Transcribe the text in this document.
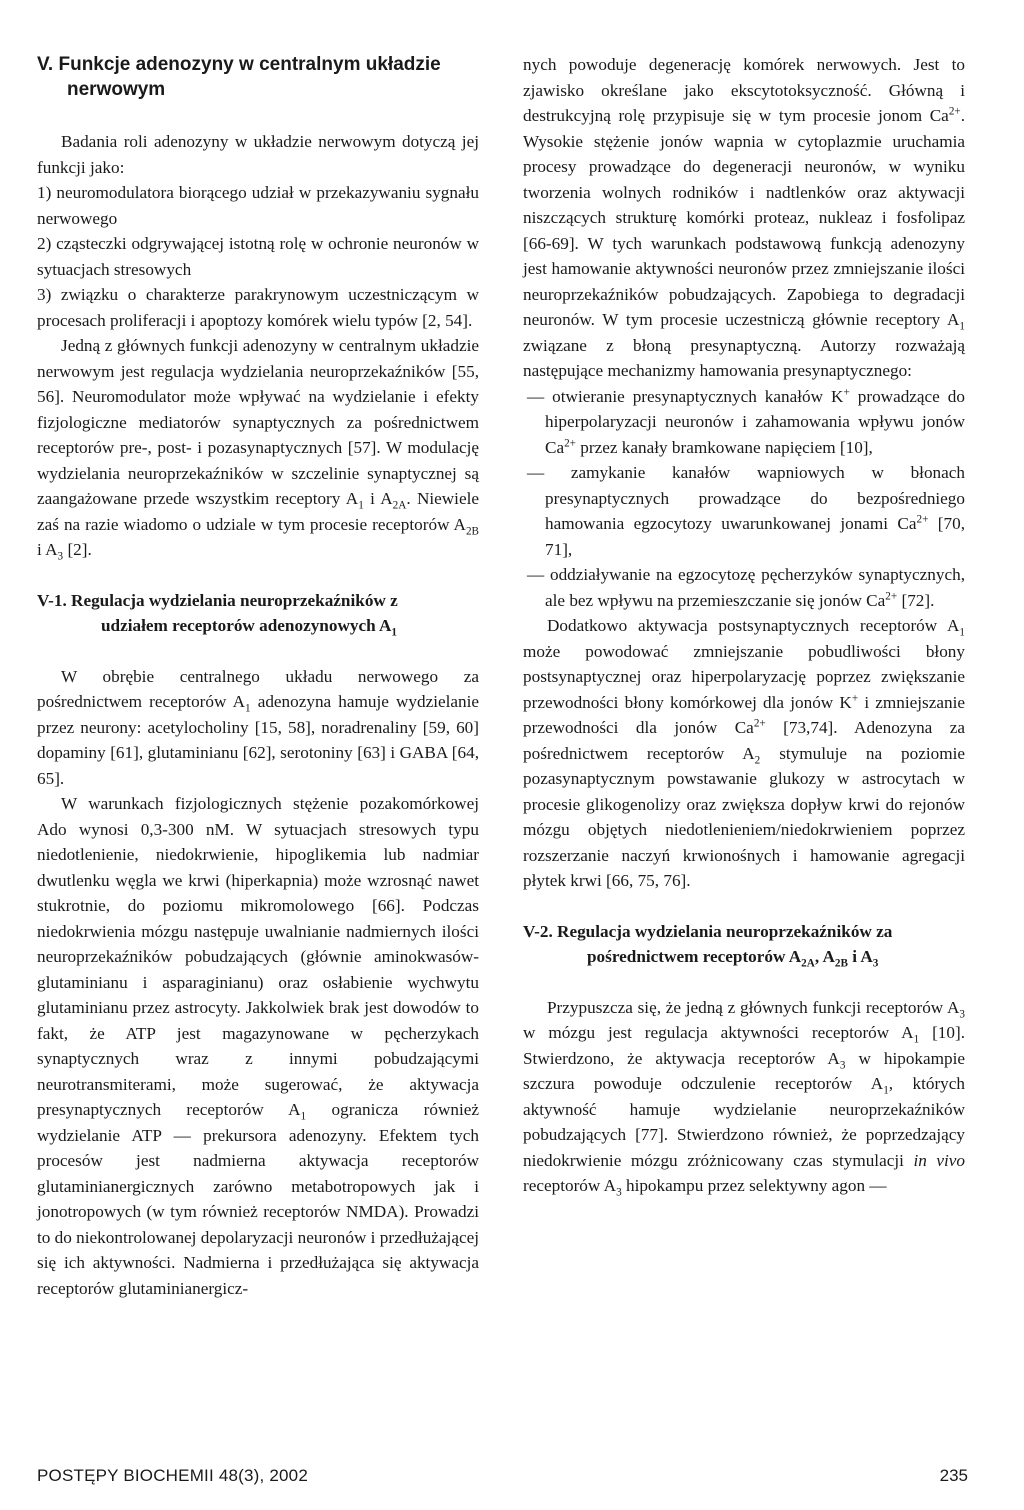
V. Funkcje adenozyny w centralnym układzie
nerwowym

Badania roli adenozyny w układzie nerwowym dotyczą jej funkcji jako:

1) neuromodulatora biorącego udział w przekazywaniu sygnału nerwowego

2) cząsteczki odgrywającej istotną rolę w ochronie neuronów w sytuacjach stresowych

3) związku o charakterze parakrynowym uczestniczącym w procesach proliferacji i apoptozy komórek wielu typów [2, 54].

Jedną z głównych funkcji adenozyny w centralnym układzie nerwowym jest regulacja wydzielania neuroprzekaźników [55, 56]. Neuromodulator może wpływać na wydzielanie i efekty fizjologiczne mediatorów synaptycznych za pośrednictwem receptorów pre-, post- i pozasynaptycznych [57]. W modulację wydzielania neuroprzekaźników w szczelinie synaptycznej są zaangażowane przede wszystkim receptory $A_1$ i $A_{2A}$. Niewiele zaś na razie wiadomo o udziale w tym procesie receptorów $A_{2B}$ i $A_3$ [2].

V-1. Regulacja wydzielania neuroprzekaźników z
udziałem receptorów adenozynowych $A_1$

W obrębie centralnego układu nerwowego za pośrednictwem receptorów $A_1$ adenozyna hamuje wydzielanie przez neurony: acetylocholiny [15, 58], noradrenaliny [59, 60] dopaminy [61], glutaminianu [62], serotoniny [63] i GABA [64, 65].

W warunkach fizjologicznych stężenie pozakomórkowej Ado wynosi 0,3-300 nM. W sytuacjach stresowych typu niedotlenienie, niedokrwienie, hipoglikemia lub nadmiar dwutlenku węgla we krwi (hiperkapnia) może wzrosnąć nawet stukrotnie, do poziomu mikromolowego [66]. Podczas niedokrwienia mózgu następuje uwalnianie nadmiernych ilości neuroprzekaźników pobudzających (głównie aminokwasów- glutaminianu i asparaginianu) oraz osłabienie wychwytu glutaminianu przez astrocyty. Jakkolwiek brak jest dowodów to fakt, że ATP jest magazynowane w pęcherzykach synaptycznych wraz z innymi pobudzającymi neurotransmiterami, może sugerować, że aktywacja presynaptycznych receptorów $A_1$ ogranicza również wydzielanie ATP — prekursora adenozyny. Efektem tych procesów jest nadmierna aktywacja receptorów glutaminianergicznych zarówno metabotropowych jak i jonotropowych (w tym również receptorów NMDA). Prowadzi to do niekontrolowanej depolaryzacji neuronów i przedłużającej się ich aktywności. Nadmierna i przedłużająca się aktywacja receptorów glutaminianergicz-

nych powoduje degenerację komórek nerwowych. Jest to zjawisko określane jako ekscytotoksyczność. Główną i destrukcyjną rolę przypisuje się w tym procesie jonom $Ca^{2+}$. Wysokie stężenie jonów wapnia w cytoplazmie uruchamia procesy prowadzące do degeneracji neuronów, w wyniku tworzenia wolnych rodników i nadtlenków oraz aktywacji niszczących strukturę komórki proteaz, nukleaz i fosfolipaz [66-69]. W tych warunkach podstawową funkcją adenozyny jest hamowanie aktywności neuronów przez zmniejszanie ilości neuroprzekaźników pobudzających. Zapobiega to degradacji neuronów. W tym procesie uczestniczą głównie receptory $A_1$ związane z błoną presynaptyczną. Autorzy rozważają następujące mechanizmy hamowania presynaptycznego:

— otwieranie presynaptycznych kanałów K+ prowadzące do hiperpolaryzacji neuronów i zahamowania wpływu jonów $Ca^{2+}$ przez kanały bramkowane napięciem [10],

— zamykanie kanałów wapniowych w błonach presynaptycznych prowadzące do bezpośredniego hamowania egzocytozy uwarunkowanej jonami $Ca^{2+}$ [70, 71],

— oddziaływanie na egzocytozę pęcherzyków synaptycznych, ale bez wpływu na przemieszczanie się jonów $Ca^{2+}$ [72].

Dodatkowo aktywacja postsynaptycznych receptorów $A_1$ może powodować zmniejszanie pobudliwości błony postsynaptycznej oraz hiperpolaryzację poprzez zwiększanie przewodności błony komórkowej dla jonów K+ i zmniejszanie przewodności dla jonów $Ca^{2+}$ [73,74]. Adenozyna za pośrednictwem receptorów $A_2$ stymuluje na poziomie pozasynaptycznym powstawanie glukozy w astrocytach w procesie glikogenolizy oraz zwiększa dopływ krwi do rejonów mózgu objętych niedotlenieniem/niedokrwieniem poprzez rozszerzanie naczyń krwionośnych i hamowanie agregacji płytek krwi [66, 75, 76].

V-2. Regulacja wydzielania neuroprzekaźników za
pośrednictwem receptorów $A_{2A}$, $A_{2B}$ i $A_3$

Przypuszcza się, że jedną z głównych funkcji receptorów $A_3$ w mózgu jest regulacja aktywności receptorów $A_1$ [10]. Stwierdzono, że aktywacja receptorów $A_3$ w hipokampie szczura powoduje odczulenie receptorów $A_1$, których aktywność hamuje wydzielanie neuroprzekaźników pobudzających [77]. Stwierdzono również, że poprzedzający niedokrwienie mózgu zróżnicowany czas stymulacji in vivo receptorów $A_3$ hipokampu przez selektywny agon —

POSTĘPY BIOCHEMII 48(3), 2002	235
